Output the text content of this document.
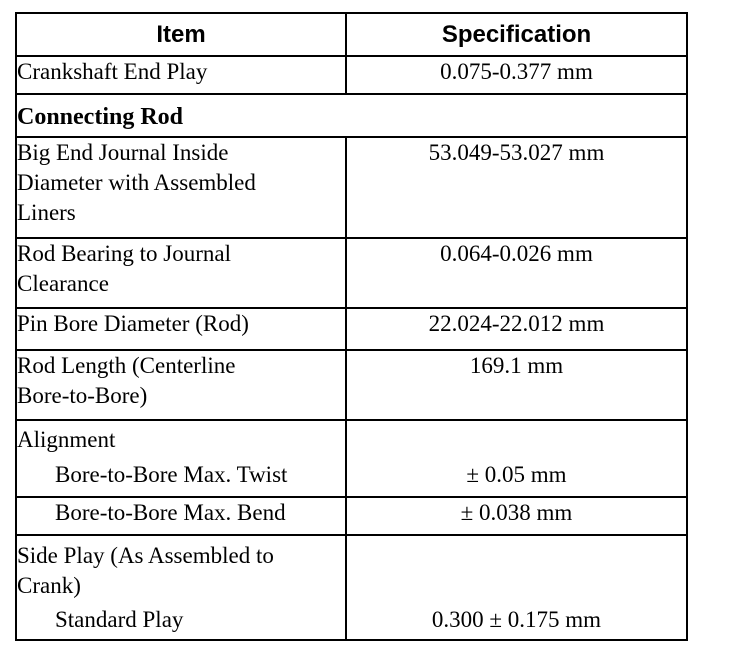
Item	Specification
Crankshaft End Play	0.075-0.377 mm
Connecting Rod	

Big End Journal Inside
Diameter with Assembled
Liners	53.049-53.027 mm

Rod Bearing to Journal
Clearance	0.064-0.026 mm
Pin Bore Diameter (Rod)	22.024-22.012 mm

Rod Length (Centerline
Bore-to-Bore)	169.1 mm

Alignment
Bore-to-Bore Max. Twist	± 0.05 mm

Bore-to-Bore Max. Bend	± 0.038 mm

Side Play (As Assembled to
Crank)
Standard Play	0.300 ± 0.175 mm
